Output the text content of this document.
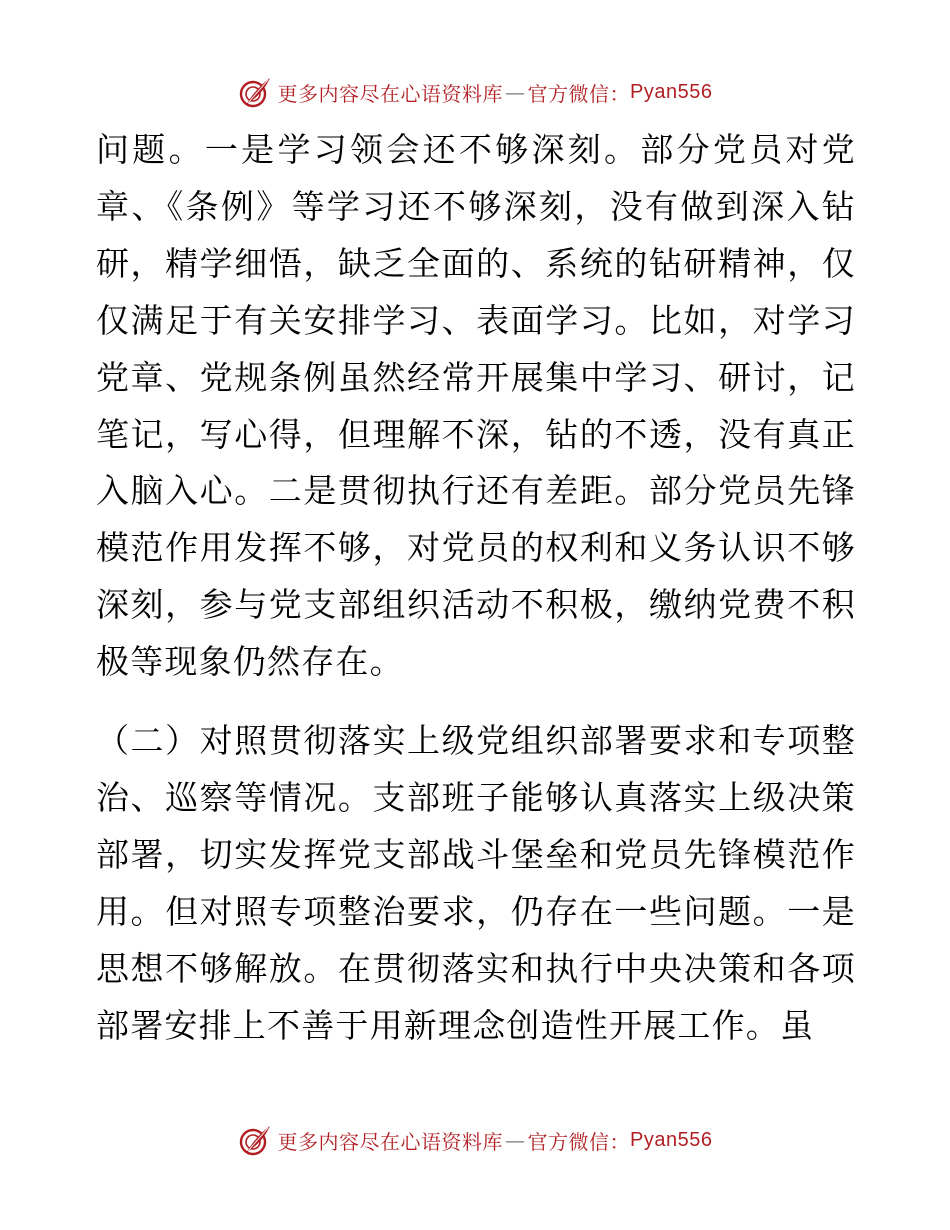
更多内容尽在心语资料库 — 官方微信： Pyan556

问题。一是学习领会还不够深刻。部分党员对党章、《条例》等学习还不够深刻，没有做到深入钻研，精学细悟，缺乏全面的、系统的钻研精神，仅仅满足于有关安排学习、表面学习。比如，对学习党章、党规条例虽然经常开展集中学习、研讨，记笔记，写心得，但理解不深，钻的不透，没有真正入脑入心。二是贯彻执行还有差距。部分党员先锋模范作用发挥不够，对党员的权利和义务认识不够深刻，参与党支部组织活动不积极，缴纳党费不积极等现象仍然存在。

（二）对照贯彻落实上级党组织部署要求和专项整治、巡察等情况。支部班子能够认真落实上级决策部署，切实发挥党支部战斗堡垒和党员先锋模范作用。但对照专项整治要求，仍存在一些问题。一是思想不够解放。在贯彻落实和执行中央决策和各项部署安排上不善于用新理念创造性开展工作。虽

更多内容尽在心语资料库 — 官方微信： Pyan556
